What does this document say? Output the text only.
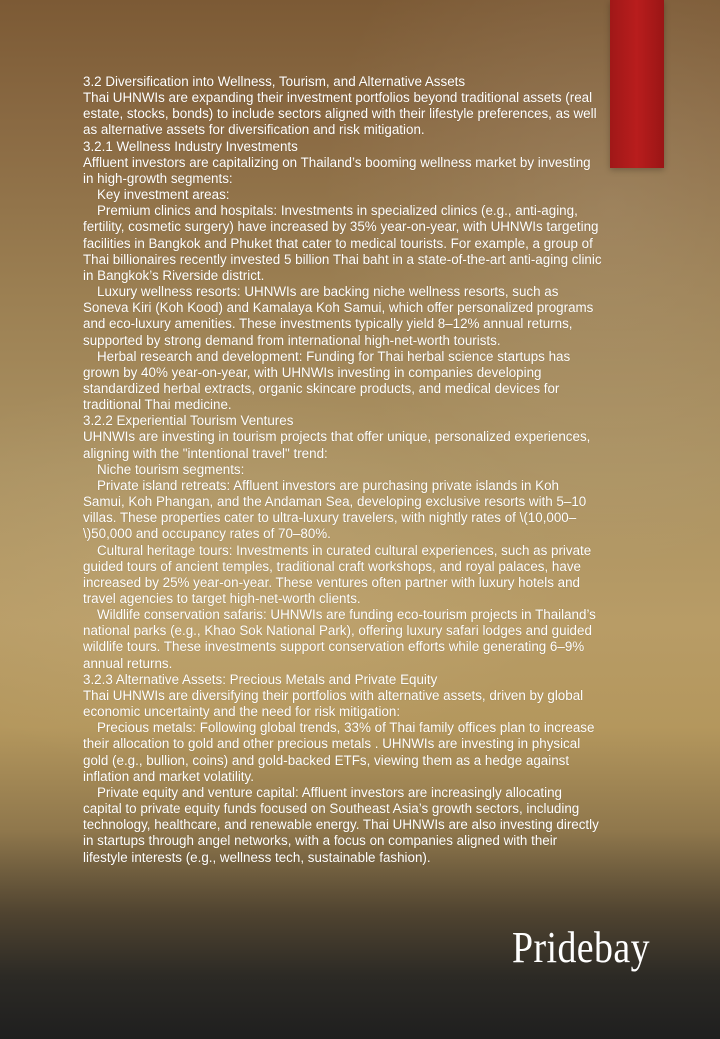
3.2 Diversification into Wellness, Tourism, and Alternative Assets

Thai UHNWIs are expanding their investment portfolios beyond traditional assets (real estate, stocks, bonds) to include sectors aligned with their lifestyle preferences, as well as alternative assets for diversification and risk mitigation.

3.2.1 Wellness Industry Investments

Affluent investors are capitalizing on Thailand’s booming wellness market by investing in high-growth segments:

Key investment areas:

Premium clinics and hospitals: Investments in specialized clinics (e.g., anti-aging, fertility, cosmetic surgery) have increased by 35% year-on-year, with UHNWIs targeting facilities in Bangkok and Phuket that cater to medical tourists. For example, a group of Thai billionaires recently invested 5 billion Thai baht in a state-of-the-art anti-aging clinic in Bangkok’s Riverside district.

Luxury wellness resorts: UHNWIs are backing niche wellness resorts, such as Soneva Kiri (Koh Kood) and Kamalaya Koh Samui, which offer personalized programs and eco-luxury amenities. These investments typically yield 8–12% annual returns, supported by strong demand from international high-net-worth tourists.

Herbal research and development: Funding for Thai herbal science startups has grown by 40% year-on-year, with UHNWIs investing in companies developing standardized herbal extracts, organic skincare products, and medical devices for traditional Thai medicine.

3.2.2 Experiential Tourism Ventures

UHNWIs are investing in tourism projects that offer unique, personalized experiences, aligning with the "intentional travel" trend:

Niche tourism segments:

Private island retreats: Affluent investors are purchasing private islands in Koh Samui, Koh Phangan, and the Andaman Sea, developing exclusive resorts with 5–10 villas. These properties cater to ultra-luxury travelers, with nightly rates of \(10,000–\)50,000 and occupancy rates of 70–80%.

Cultural heritage tours: Investments in curated cultural experiences, such as private guided tours of ancient temples, traditional craft workshops, and royal palaces, have increased by 25% year-on-year. These ventures often partner with luxury hotels and travel agencies to target high-net-worth clients.

Wildlife conservation safaris: UHNWIs are funding eco-tourism projects in Thailand’s national parks (e.g., Khao Sok National Park), offering luxury safari lodges and guided wildlife tours. These investments support conservation efforts while generating 6–9% annual returns.

3.2.3 Alternative Assets: Precious Metals and Private Equity

Thai UHNWIs are diversifying their portfolios with alternative assets, driven by global economic uncertainty and the need for risk mitigation:

Precious metals: Following global trends, 33% of Thai family offices plan to increase their allocation to gold and other precious metals . UHNWIs are investing in physical gold (e.g., bullion, coins) and gold-backed ETFs, viewing them as a hedge against inflation and market volatility.

Private equity and venture capital: Affluent investors are increasingly allocating capital to private equity funds focused on Southeast Asia’s growth sectors, including technology, healthcare, and renewable energy. Thai UHNWIs are also investing directly in startups through angel networks, with a focus on companies aligned with their lifestyle interests (e.g., wellness tech, sustainable fashion).

Pridebay
